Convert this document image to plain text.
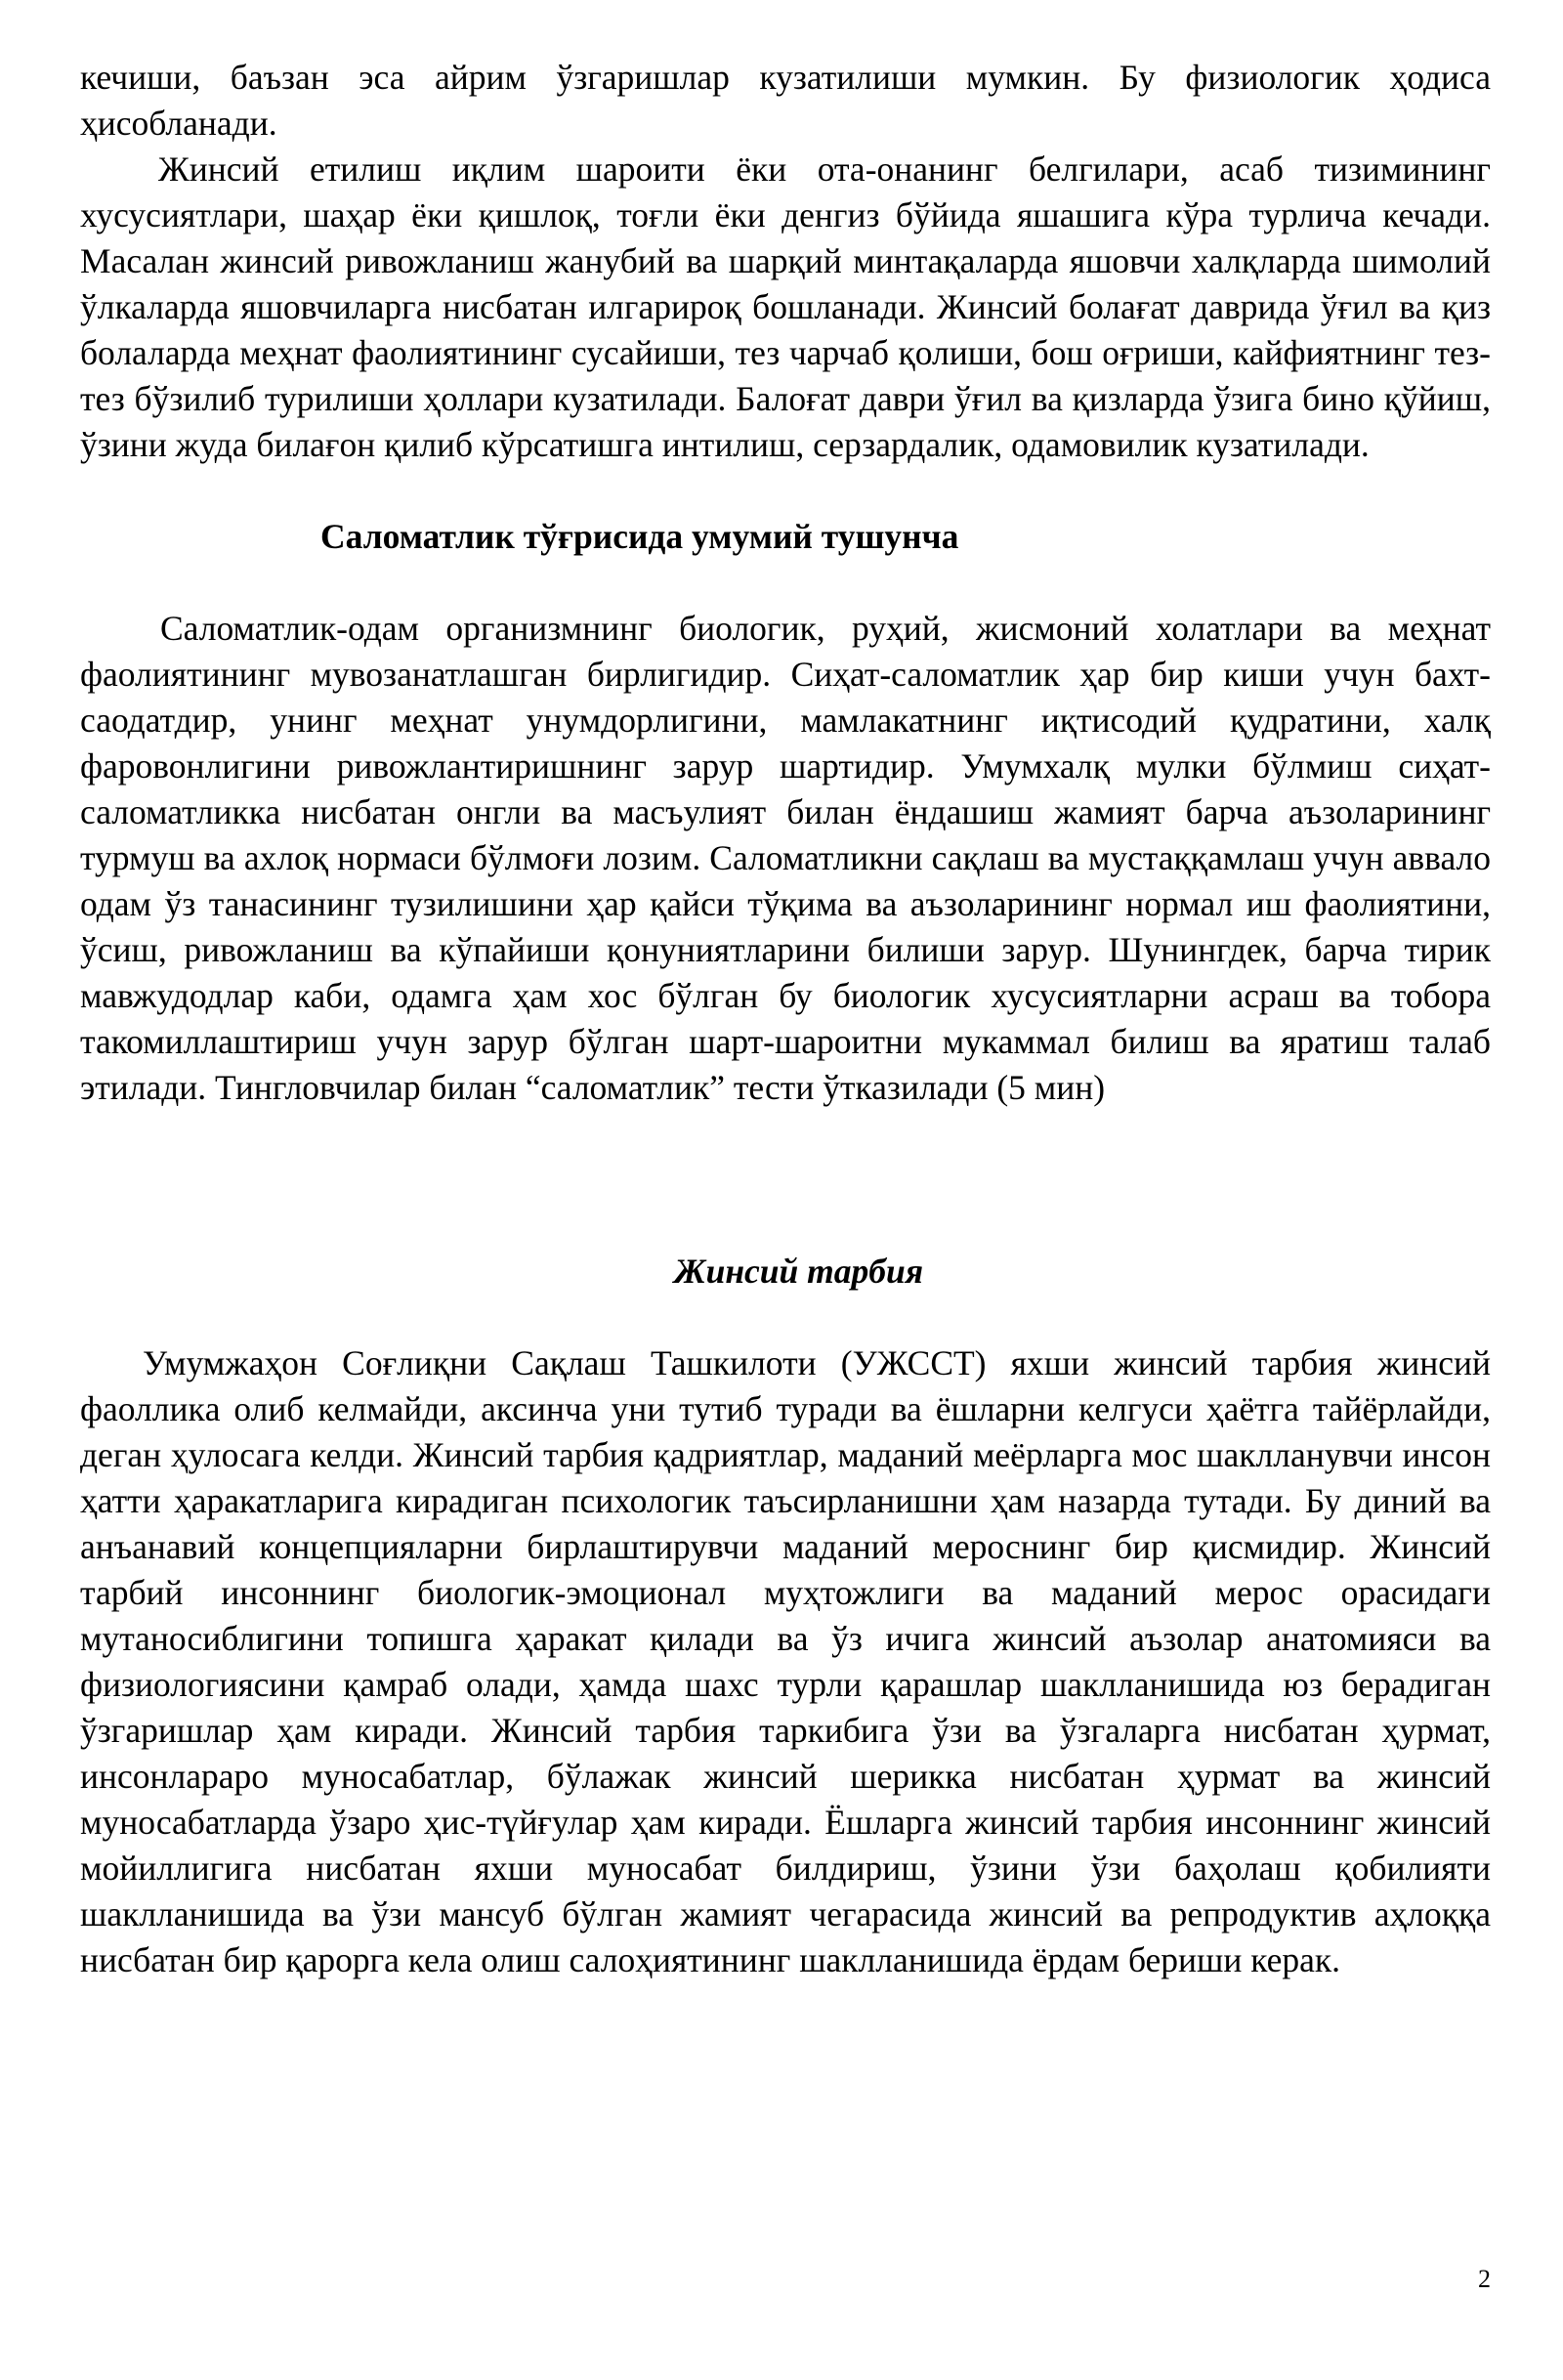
кечиши, баъзан эса айрим ўзгаришлар кузатилиши мумкин. Бу физиологик ҳодиса ҳисобланади.

Жинсий етилиш иқлим шароити ёки ота-онанинг белгилари, асаб тизимининг хусусиятлари, шаҳар ёки қишлоқ, тоғли ёки денгиз бўйида яшашига кўра турлича кечади. Масалан жинсий ривожланиш жанубий ва шарқий минтақаларда яшовчи халқларда шимолий ўлкаларда яшовчиларга нисбатан илгарироқ бошланади. Жинсий болағат даврида ўғил ва қиз болаларда меҳнат фаолиятининг сусайиши, тез чарчаб қолиши, бош оғриши, кайфиятнинг тез-тез бўзилиб турилиши ҳоллари кузатилади. Балоғат даври ўғил ва қизларда ўзига бино қўйиш, ўзини жуда билағон қилиб кўрсатишга интилиш, серзардалик, одамовилик кузатилади.

Саломатлик тўғрисида умумий тушунча

Саломатлик-одам организмнинг биологик, руҳий, жисмоний холатлари ва меҳнат фаолиятининг мувозанатлашган бирлигидир. Сиҳат-саломатлик ҳар бир киши учун бахт-саодатдир, унинг меҳнат унумдорлигини, мамлакатнинг иқтисодий қудратини, халқ фаровонлигини ривожлантиришнинг зарур шартидир. Умумхалқ мулки бўлмиш сиҳат-саломатликка нисбатан онгли ва масъулият билан ёндашиш жамият барча аъзоларининг турмуш ва ахлоқ нормаси бўлмоғи лозим. Саломатликни сақлаш ва мустаққамлаш учун аввало одам ўз танасининг тузилишини ҳар қайси тўқима ва аъзоларининг нормал иш фаолиятини, ўсиш, ривожланиш ва кўпайиши қонуниятларини билиши зарур. Шунингдек, барча тирик мавжудодлар каби, одамга ҳам хос бўлган бу биологик хусусиятларни асраш ва тобора такомиллаштириш учун зарур бўлган шарт-шароитни мукаммал билиш ва яратиш талаб этилади. Тингловчилар билан “саломатлик” тести ўтказилади (5 мин)

Жинсий тарбия

Умумжаҳон Соғлиқни Сақлаш Ташкилоти (УЖССТ) яхши жинсий тарбия жинсий фаолликa олиб келмайди, аксинча уни тутиб туради ва ёшларни келгуси ҳаётга тайёрлайди, деган ҳулосага келди. Жинсий тарбия қадриятлар, маданий меёрларга мос шаклланувчи инсон ҳатти ҳаракатларига кирадиган психологик таъсирланишни ҳам назарда тутади. Бу диний ва анъанавий концепцияларни бирлаштирувчи маданий мероснинг бир қисмидир. Жинсий тарбий инсоннинг биологик-эмоционал муҳтожлиги ва маданий мерос орасидаги мутаносиблигини топишга ҳаракат қилади ва ўз ичига жинсий аъзолар анатомияси ва физиологиясини қамраб олади, ҳамда шахс турли қарашлар шаклланишида юз берадиган ўзгаришлар ҳам киради. Жинсий тарбия таркибига ўзи ва ўзгаларга нисбатан ҳурмат, инсонлараро муносабатлар, бўлажак жинсий шерикка нисбатан ҳурмат ва жинсий муносабатларда ўзаро ҳис-түйғулар ҳам киради. Ёшларга жинсий тарбия инсоннинг жинсий мойиллигига нисбатан яхши муносабат билдириш, ўзини ўзи баҳолаш қобилияти шаклланишида ва ўзи мансуб бўлган жамият чегарасида жинсий ва репродуктив аҳлоққа нисбатан бир қарорга кела олиш салоҳиятининг шаклланишида ёрдам бериши керак.

2
